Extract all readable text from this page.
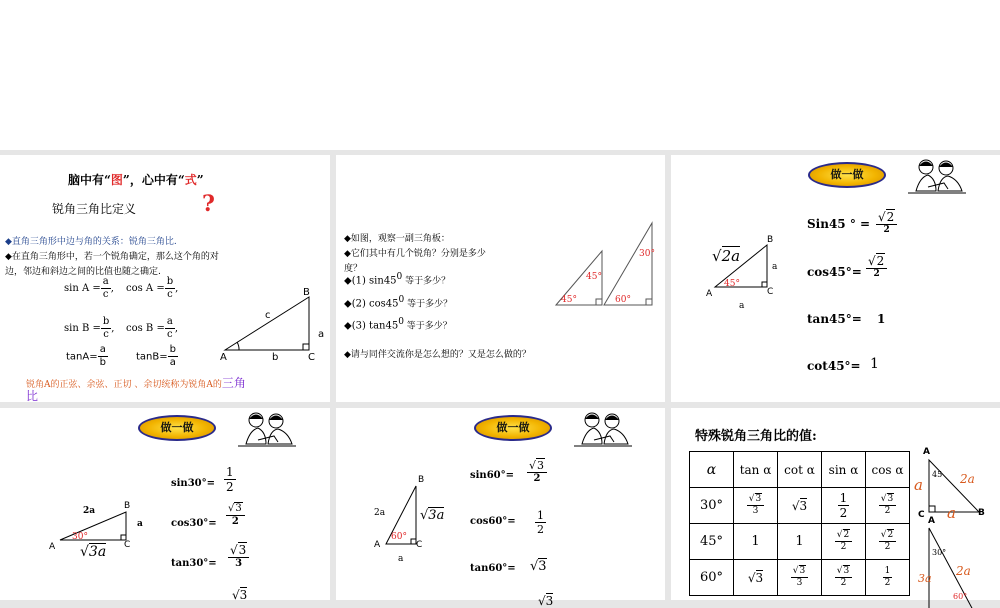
脑中有“图”，心中有“式”
锐角三角比定义	?
◆直角三角形中边与角的关系：锐角三角比.
◆在直角三角形中，若一个锐角确定，那么这个角的对
边，邻边和斜边之间的比值也随之确定.
$\sin A = \frac{a}{c}$ , $\cos A = \frac{b}{c}$ ,
$\sin B = \frac{b}{c}$ , $\cos B = \frac{a}{c}$ ,
$\tan A= \frac{a}{b}$	$\tan B= \frac{b}{a}$
B
c
a
A	b	C
锐角A的正弦、余弦、正切 、余切统称为锐角A的三角
比
◆如图，观察一副三角板：
◆它们其中有几个锐角？分别是多少
度？
◆(1) $\sin 45^0$ 等于多少？
◆(2) $\cos 45^0$ 等于多少？
◆(3) $\tan 45^0$ 等于多少？
◆请与同伴交流你是怎么想的？又是怎么做的？
45°
45°
30°
60°
做一做
√2a
45°
B
a
A	C
a
Sin45 ° = $\frac{√2}{2}$
$\cos 45^\circ= \frac{√2}{2}$
tan45°= 1
cot45°= 1
做一做
2a
30°
B
a
A	C
√3a
$\sin 30^\circ= \frac{1}{2}$
$\cos 30^\circ= \frac{√3}{2}$
$\tan 30^\circ= \frac{√3}{3}$
√3
做一做
B
2a	√3a
60°
A	C
a
$\sin 60^\circ= \frac{√3}{2}$
$\cos 60^\circ= \frac{1}{2}$
tan60°= √3
√3
特殊锐角三角比的值:
α	tan α	cot α	sin α	cos α
30°	$\frac{√3}{3}$	√3	$\frac{1}{2}$	$\frac{√3}{2}$

45°	1	1	$\frac{√2}{2}$	$\frac{√2}{2}$

60°	√3	$\frac{√3}{3}$	$\frac{√3}{2}$	$\frac{1}{2}$
A
45
a	2a
C a B
A
30°
3a
2a
60°
